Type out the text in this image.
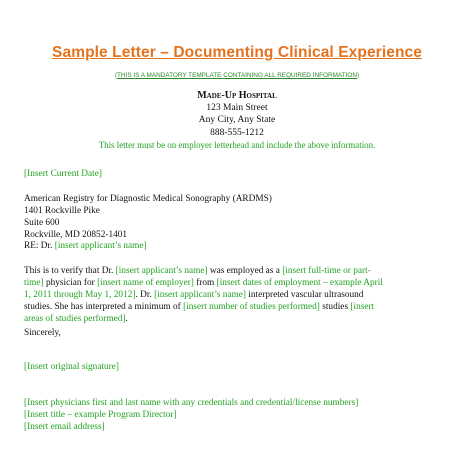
Sample Letter – Documenting Clinical Experience
(THIS IS A MANDATORY TEMPLATE CONTAINING ALL REQUIRED INFORMATION)
Made-Up Hospital
123 Main Street
Any City, Any State
888-555-1212
This letter must be on employer letterhead and include the above information.
[Insert Current Date]
American Registry for Diagnostic Medical Sonography (ARDMS)
1401 Rockville Pike
Suite 600
Rockville, MD 20852-1401
RE: Dr. [insert applicant’s name]
This is to verify that Dr. [insert applicant’s name] was employed as a [insert full-time or part-
time] physician for [insert name of employer] from [insert dates of employment – example April
1, 2011 through May 1, 2012]. Dr. [insert applicant’s name] interpreted vascular ultrasound
studies. She has interpreted a minimum of [insert number of studies performed] studies [insert
areas of studies performed].
Sincerely,
[Insert original signature]
[Insert physicians first and last name with any credentials and credential/license numbers]
[Insert title – example Program Director]
[Insert email address]
